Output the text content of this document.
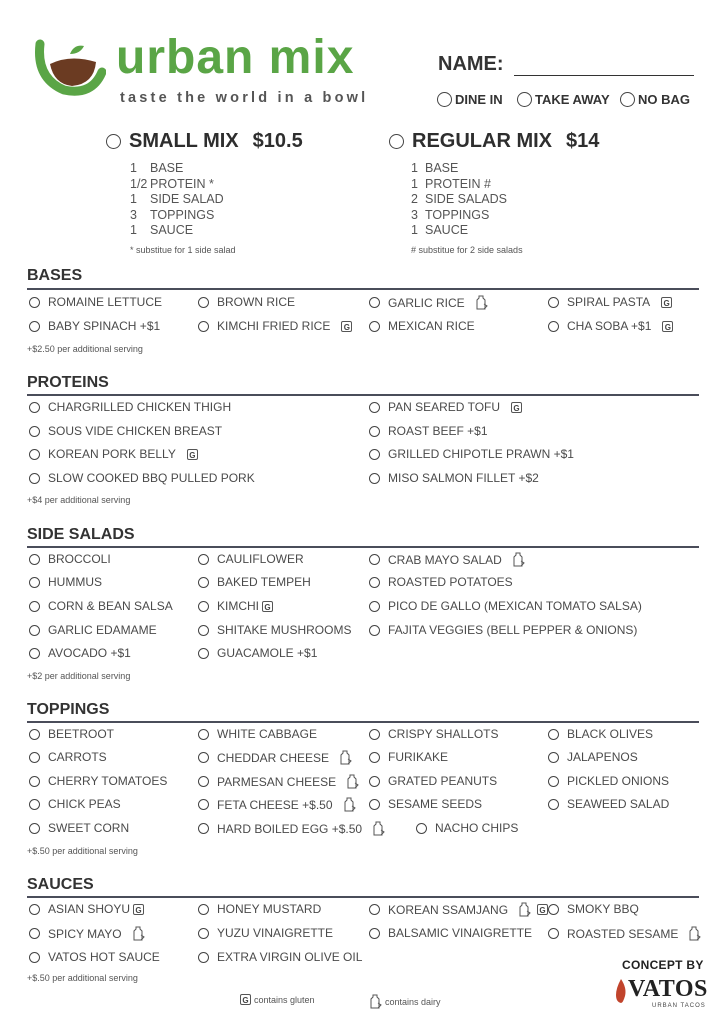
urban mix
taste the world in a bowl
NAME:
DINE IN TAKE AWAY NO BAG
SMALL MIX $10.5
1 BASE
1/2 PROTEIN *
1 SIDE SALAD
3 TOPPINGS
1 SAUCE
* substitue for 1 side salad
REGULAR MIX $14
1 BASE
1 PROTEIN #
2 SIDE SALADS
3 TOPPINGS
1 SAUCE
# substitue for 2 side salads
BASES
ROMAINE LETTUCE	BROWN RICE	GARLIC RICE	SPIRAL PASTA G
BABY SPINACH +$1	KIMCHI FRIED RICE G	MEXICAN RICE	CHA SOBA +$1 G
+$2.50 per additional serving
PROTEINS
CHARGRILLED CHICKEN THIGH	PAN SEARED TOFU G
SOUS VIDE CHICKEN BREAST	ROAST BEEF +$1
KOREAN PORK BELLY G	GRILLED CHIPOTLE PRAWN +$1
SLOW COOKED BBQ PULLED PORK	MISO SALMON FILLET +$2
+$4 per additional serving
SIDE SALADS
BROCCOLI	CAULIFLOWER	CRAB MAYO SALAD
HUMMUS	BAKED TEMPEH	ROASTED POTATOES
CORN & BEAN SALSA	KIMCHI G	PICO DE GALLO (MEXICAN TOMATO SALSA)
GARLIC EDAMAME	SHITAKE MUSHROOMS	FAJITA VEGGIES (BELL PEPPER & ONIONS)
AVOCADO +$1	GUACAMOLE +$1
+$2 per additional serving
TOPPINGS
BEETROOT	WHITE CABBAGE	CRISPY SHALLOTS	BLACK OLIVES
CARROTS	CHEDDAR CHEESE	FURIKAKE	JALAPENOS
CHERRY TOMATOES	PARMESAN CHEESE	GRATED PEANUTS	PICKLED ONIONS
CHICK PEAS	FETA CHEESE +$.50	SESAME SEEDS	SEAWEED SALAD
SWEET CORN	HARD BOILED EGG +$.50	NACHO CHIPS
+$.50 per additional serving
SAUCES
ASIAN SHOYU G	HONEY MUSTARD	KOREAN SSAMJANG	G SMOKY BBQ
SPICY MAYO	YUZU VINAIGRETTE	BALSAMIC VINAIGRETTE	ROASTED SESAME
VATOS HOT SAUCE	EXTRA VIRGIN OLIVE OIL
+$.50 per additional serving
G contains gluten	contains dairy
CONCEPT BY
VATOS
URBAN TACOS
